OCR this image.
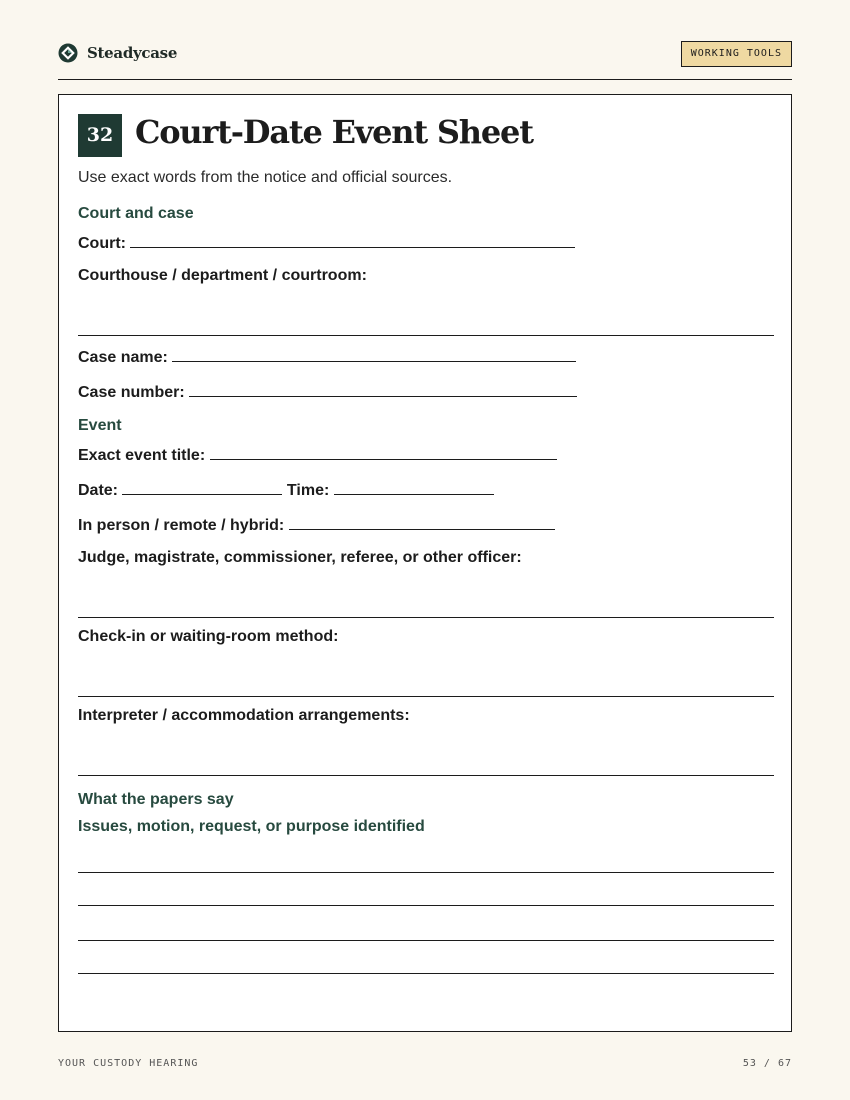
Steadycase	WORKING TOOLS
32 Court-Date Event Sheet
Use exact words from the notice and official sources.
Court and case
Court:
Courthouse / department / courtroom:
Case name:
Case number:
Event
Exact event title:
Date:	Time:
In person / remote / hybrid:
Judge, magistrate, commissioner, referee, or other officer:
Check-in or waiting-room method:
Interpreter / accommodation arrangements:
What the papers say
Issues, motion, request, or purpose identified
YOUR CUSTODY HEARING	53 / 67
